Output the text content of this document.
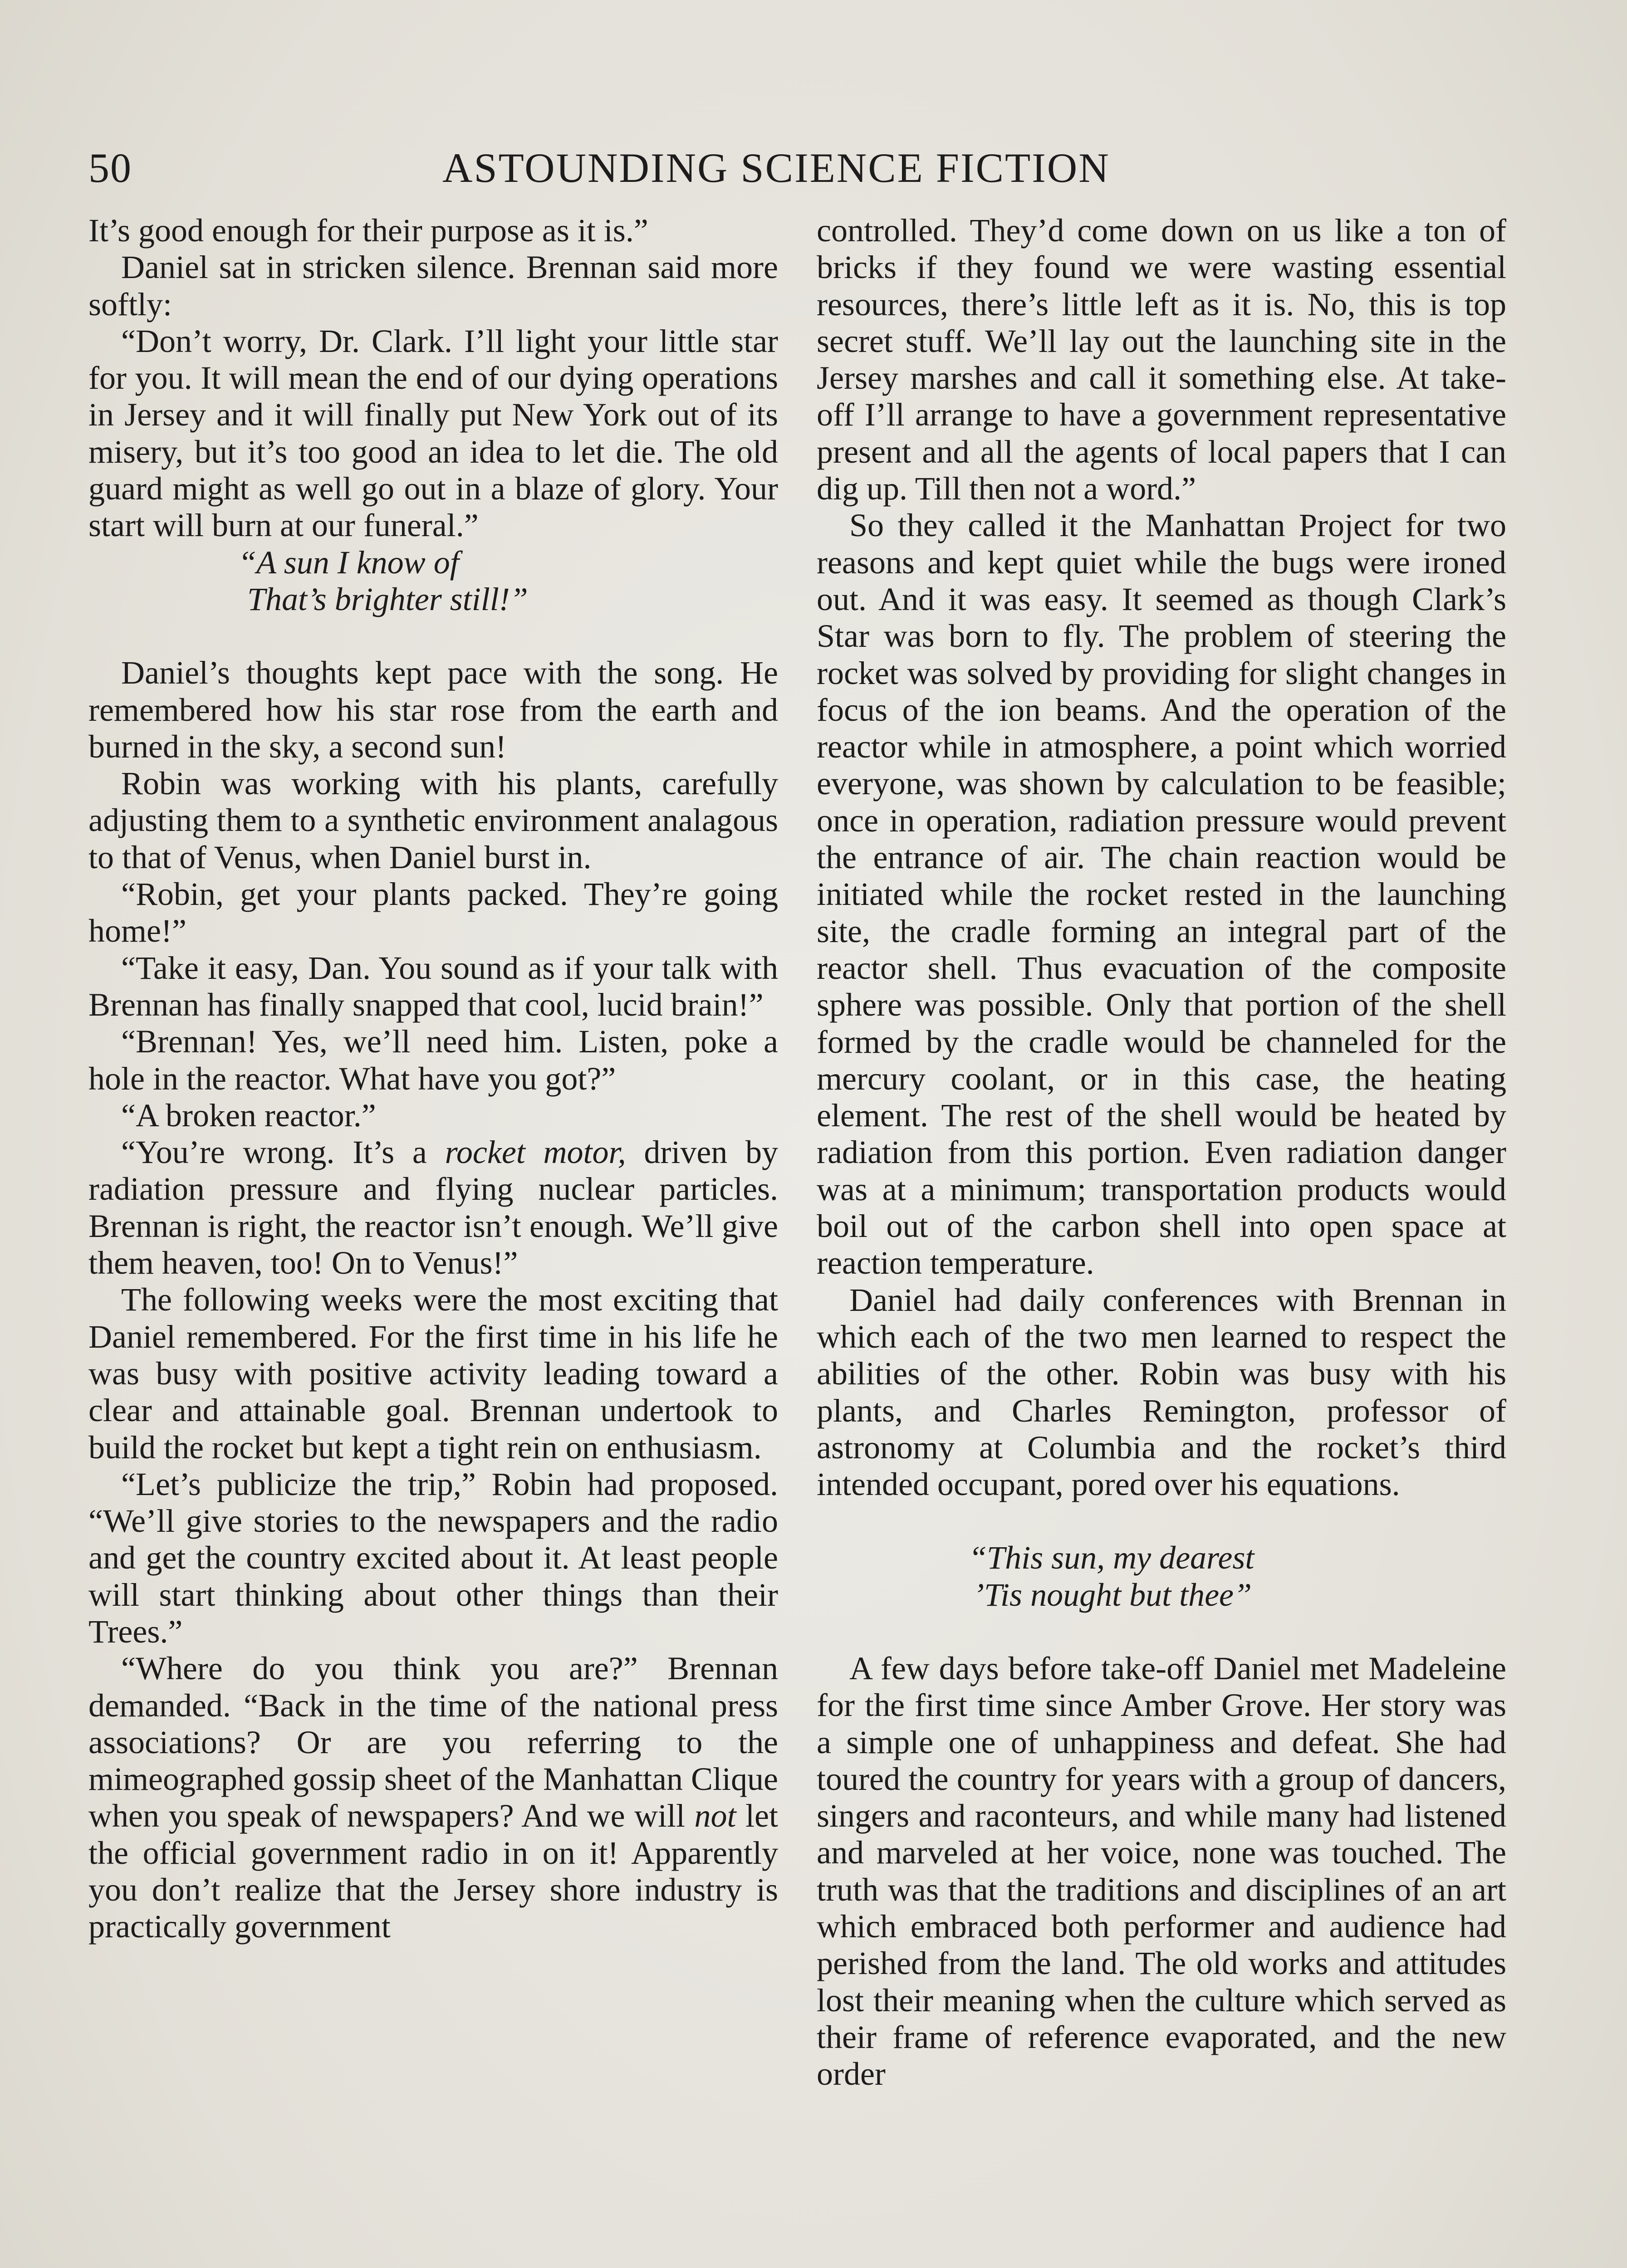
50	ASTOUNDING SCIENCE FICTION

It’s good enough for their purpose as it is.”

Daniel sat in stricken silence. Brennan said more softly:

“Don’t worry, Dr. Clark. I’ll light your little star for you. It will mean the end of our dying operations in Jersey and it will finally put New York out of its misery, but it’s too good an idea to let die. The old guard might as well go out in a blaze of glory. Your start will burn at our funeral.”

“A sun I know of
That’s brighter still!”

Daniel’s thoughts kept pace with the song. He remembered how his star rose from the earth and burned in the sky, a second sun!

Robin was working with his plants, carefully adjusting them to a synthetic environment analagous to that of Venus, when Daniel burst in.

“Robin, get your plants packed. They’re going home!”

“Take it easy, Dan. You sound as if your talk with Brennan has finally snapped that cool, lucid brain!”

“Brennan! Yes, we’ll need him. Listen, poke a hole in the reactor. What have you got?”

“A broken reactor.”

“You’re wrong. It’s a rocket motor, driven by radiation pressure and flying nuclear particles. Brennan is right, the reactor isn’t enough. We’ll give them heaven, too! On to Venus!”

The following weeks were the most exciting that Daniel remembered. For the first time in his life he was busy with positive activity leading toward a clear and attainable goal. Brennan undertook to build the rocket but kept a tight rein on enthusiasm.

“Let’s publicize the trip,” Robin had proposed. “We’ll give stories to the newspapers and the radio and get the country excited about it. At least people will start thinking about other things than their Trees.”

“Where do you think you are?” Brennan demanded. “Back in the time of the national press associations? Or are you referring to the mimeographed gossip sheet of the Manhattan Clique when you speak of newspapers? And we will not let the official government radio in on it! Apparently you don’t realize that the Jersey shore industry is practically government

controlled. They’d come down on us like a ton of bricks if they found we were wasting essential resources, there’s little left as it is. No, this is top secret stuff. We’ll lay out the launching site in the Jersey marshes and call it something else. At take-off I’ll arrange to have a government representative present and all the agents of local papers that I can dig up. Till then not a word.”

So they called it the Manhattan Project for two reasons and kept quiet while the bugs were ironed out. And it was easy. It seemed as though Clark’s Star was born to fly. The problem of steering the rocket was solved by providing for slight changes in focus of the ion beams. And the operation of the reactor while in atmosphere, a point which worried everyone, was shown by calculation to be feasible; once in operation, radiation pressure would prevent the entrance of air. The chain reaction would be initiated while the rocket rested in the launching site, the cradle forming an integral part of the reactor shell. Thus evacuation of the composite sphere was possible. Only that portion of the shell formed by the cradle would be channeled for the mercury coolant, or in this case, the heating element. The rest of the shell would be heated by radiation from this portion. Even radiation danger was at a minimum; transportation products would boil out of the carbon shell into open space at reaction temperature.

Daniel had daily conferences with Brennan in which each of the two men learned to respect the abilities of the other. Robin was busy with his plants, and Charles Remington, professor of astronomy at Columbia and the rocket’s third intended occupant, pored over his equations.

“This sun, my dearest
’Tis nought but thee”

A few days before take-off Daniel met Madeleine for the first time since Amber Grove. Her story was a simple one of unhappiness and defeat. She had toured the country for years with a group of dancers, singers and raconteurs, and while many had listened and marveled at her voice, none was touched. The truth was that the traditions and disciplines of an art which embraced both performer and audience had perished from the land. The old works and attitudes lost their meaning when the culture which served as their frame of reference evaporated, and the new order
